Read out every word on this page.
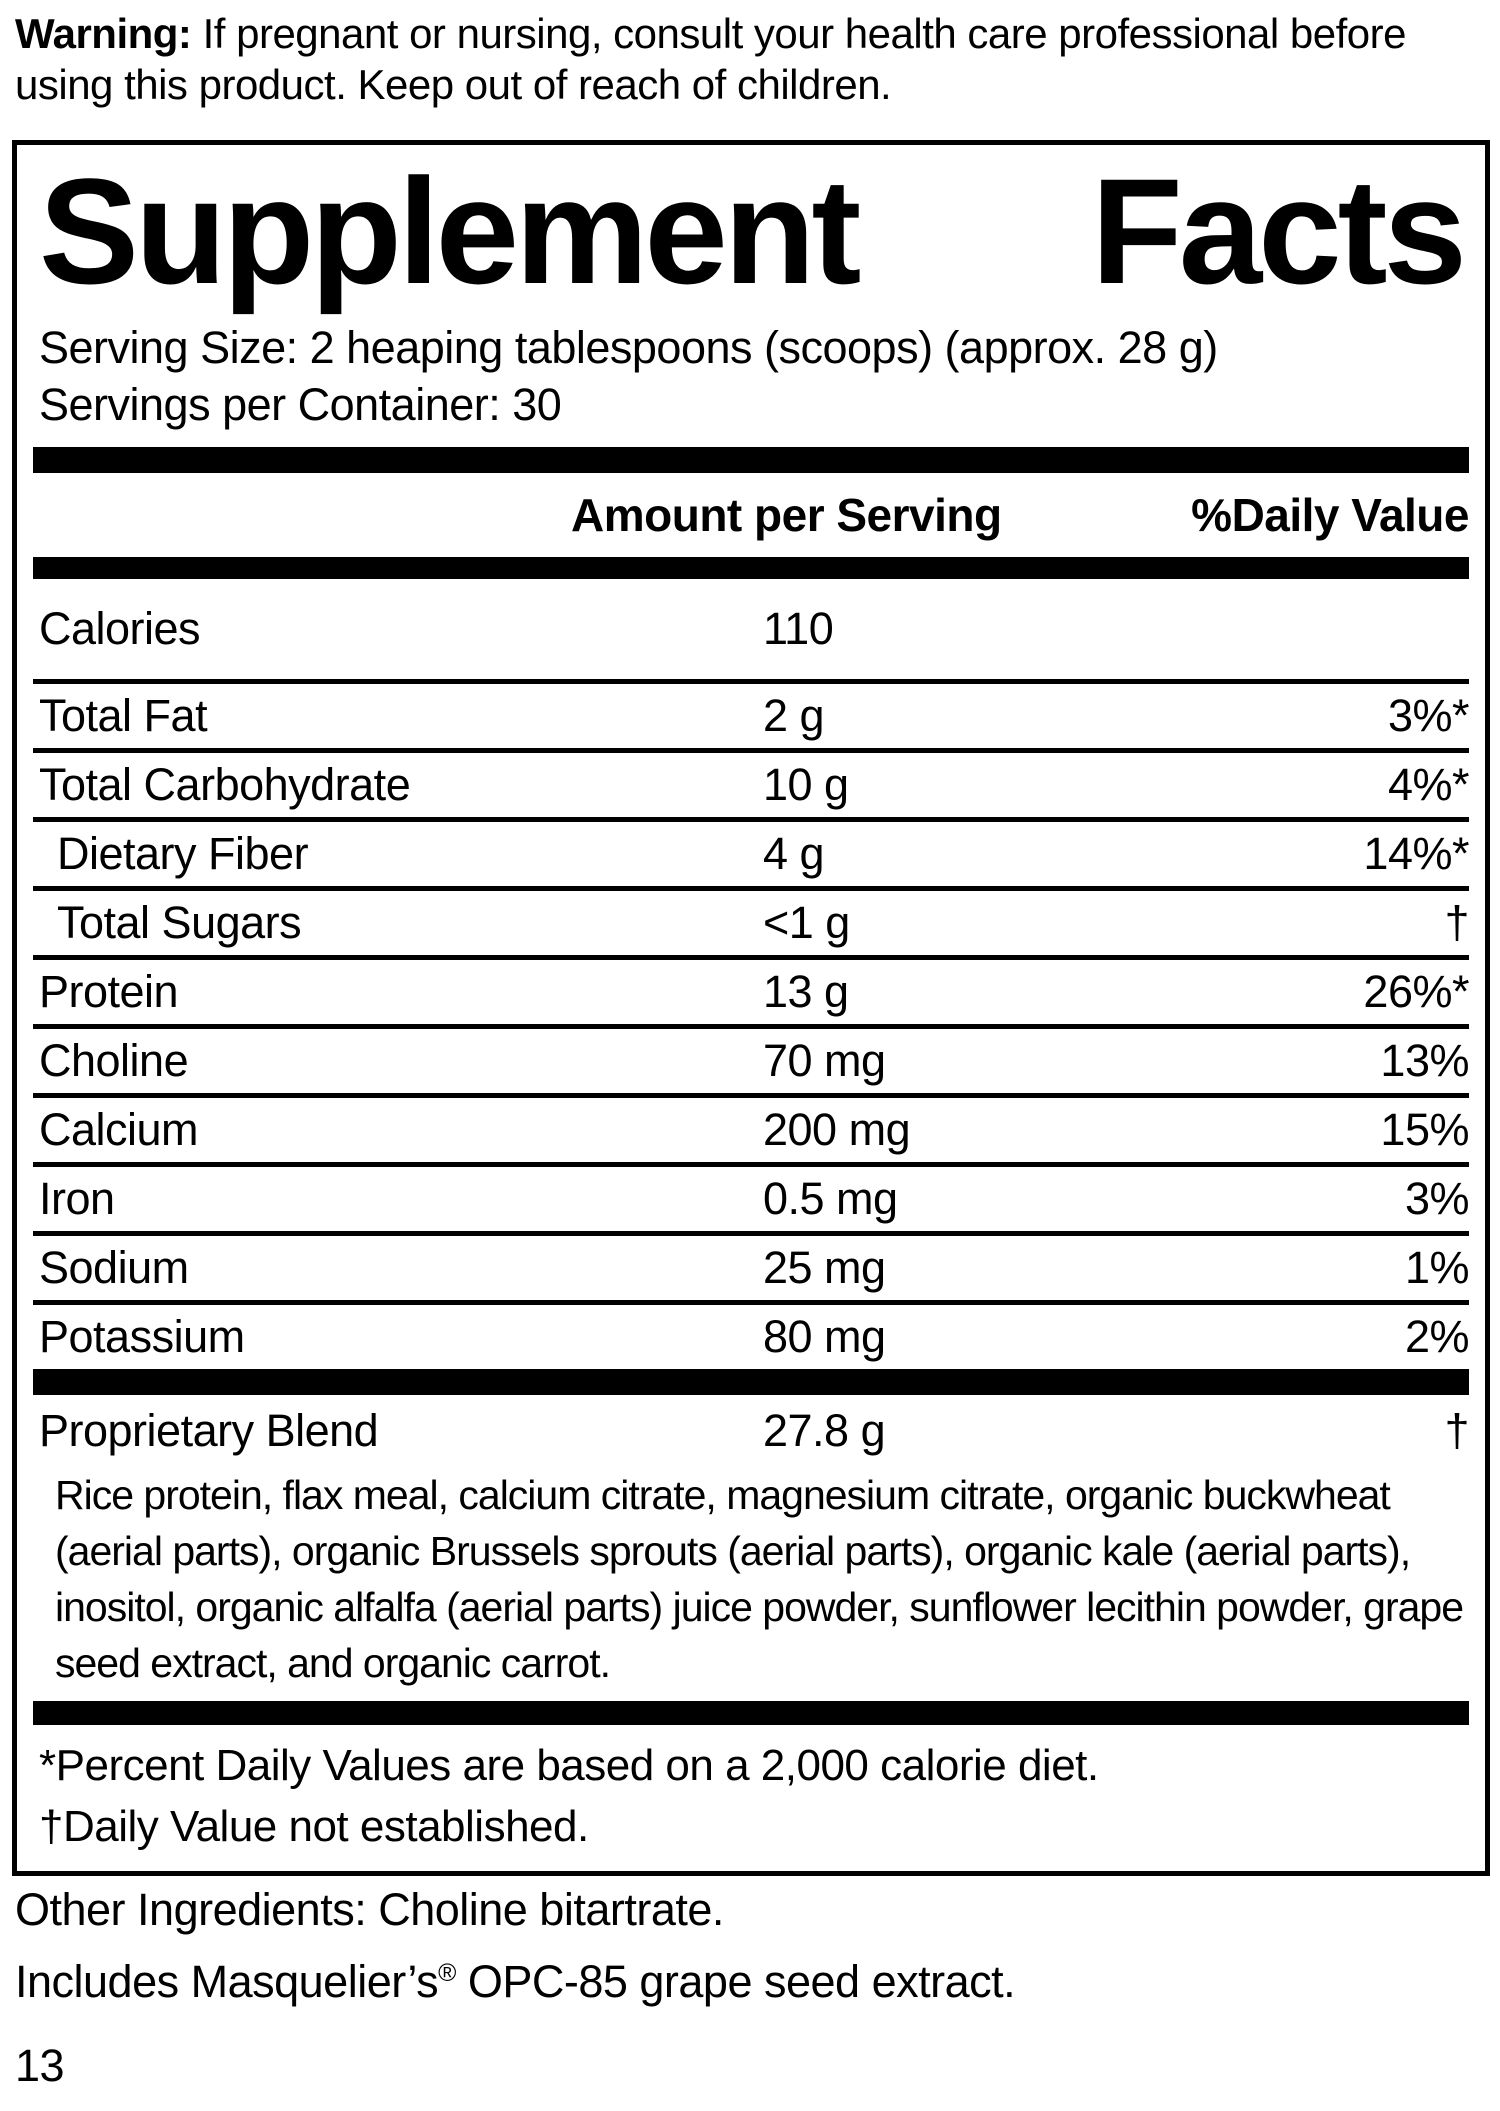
Warning: If pregnant or nursing, consult your health care professional before using this product. Keep out of reach of children.

Supplement Facts
Serving Size: 2 heaping tablespoons (scoops) (approx. 28 g)
Servings per Container: 30
Amount per Serving	%Daily Value
Calories	110
Total Fat	2 g	3%*
Total Carbohydrate	10 g	4%*
Dietary Fiber	4 g	14%*
Total Sugars	<1 g	†
Protein	13 g	26%*
Choline	70 mg	13%
Calcium	200 mg	15%
Iron	0.5 mg	3%
Sodium	25 mg	1%
Potassium	80 mg	2%
Proprietary Blend	27.8 g	†
Rice protein, flax meal, calcium citrate, magnesium citrate, organic buckwheat (aerial parts), organic Brussels sprouts (aerial parts), organic kale (aerial parts), inositol, organic alfalfa (aerial parts) juice powder, sunflower lecithin powder, grape seed extract, and organic carrot.
*Percent Daily Values are based on a 2,000 calorie diet.
†Daily Value not established.
Other Ingredients: Choline bitartrate.
Includes Masquelier’s® OPC-85 grape seed extract.
13
